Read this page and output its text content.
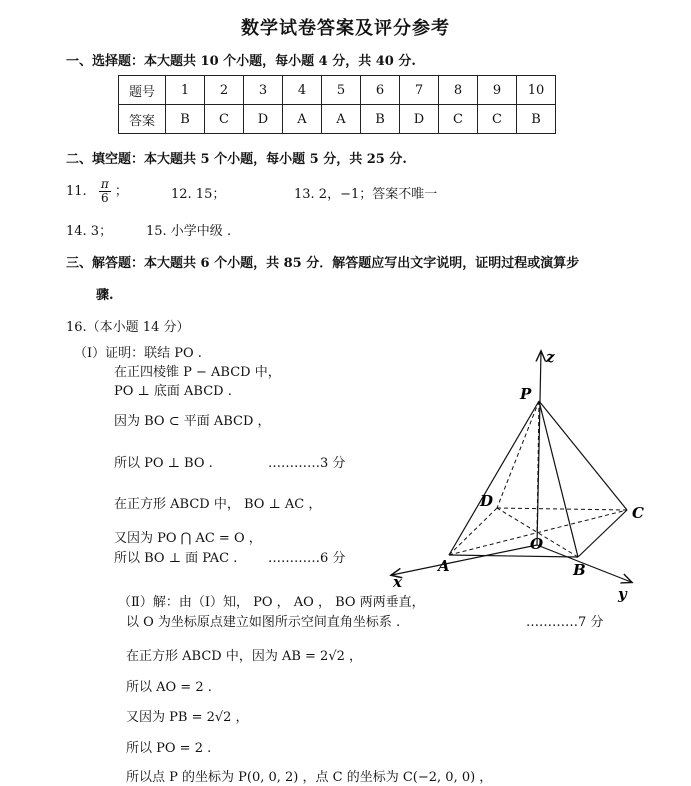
数学试卷答案及评分参考
一、选择题：本大题共 10 个小题，每小题 4 分，共 40 分.
题号	1	2	3	4	5	6	7	8	9	10
答案	B	C	D	A	A	B	D	C	C	B
二、填空题：本大题共 5 个小题，每小题 5 分，共 25 分.
11. $\frac{\pi}{6}$ ；	12. 15；	13. 2，−1；答案不唯一
14. 3；	15. 小学中级 .
三、解答题：本大题共 6 个小题，共 85 分．解答题应写出文字说明，证明过程或演算步
骤.
16.（本小题 14 分）
（Ⅰ）证明：联结 PO .
在正四棱锥 P − ABCD 中，
PO ⊥ 底面 ABCD .
因为 BO ⊂ 平面 ABCD ，
所以 PO ⊥ BO .	…………3 分
在正方形 ABCD 中， BO ⊥ AC ，
又因为 PO ⋂ AC = O ，
所以 BO ⊥ 面 PAC . …………6 分
（Ⅱ）解：由（Ⅰ）知， PO ， AO ， BO 两两垂直，
以 O 为坐标原点建立如图所示空间直角坐标系 .	…………7 分
在正方形 ABCD 中，因为 AB = 2√2 ，
所以 AO = 2 .
又因为 PB = 2√2 ，
所以 PO = 2 .
所以点 P 的坐标为 P(0, 0, 2) ，点 C 的坐标为 C(−2, 0, 0) ，
P
D
C
O
A	B
x
y
z
